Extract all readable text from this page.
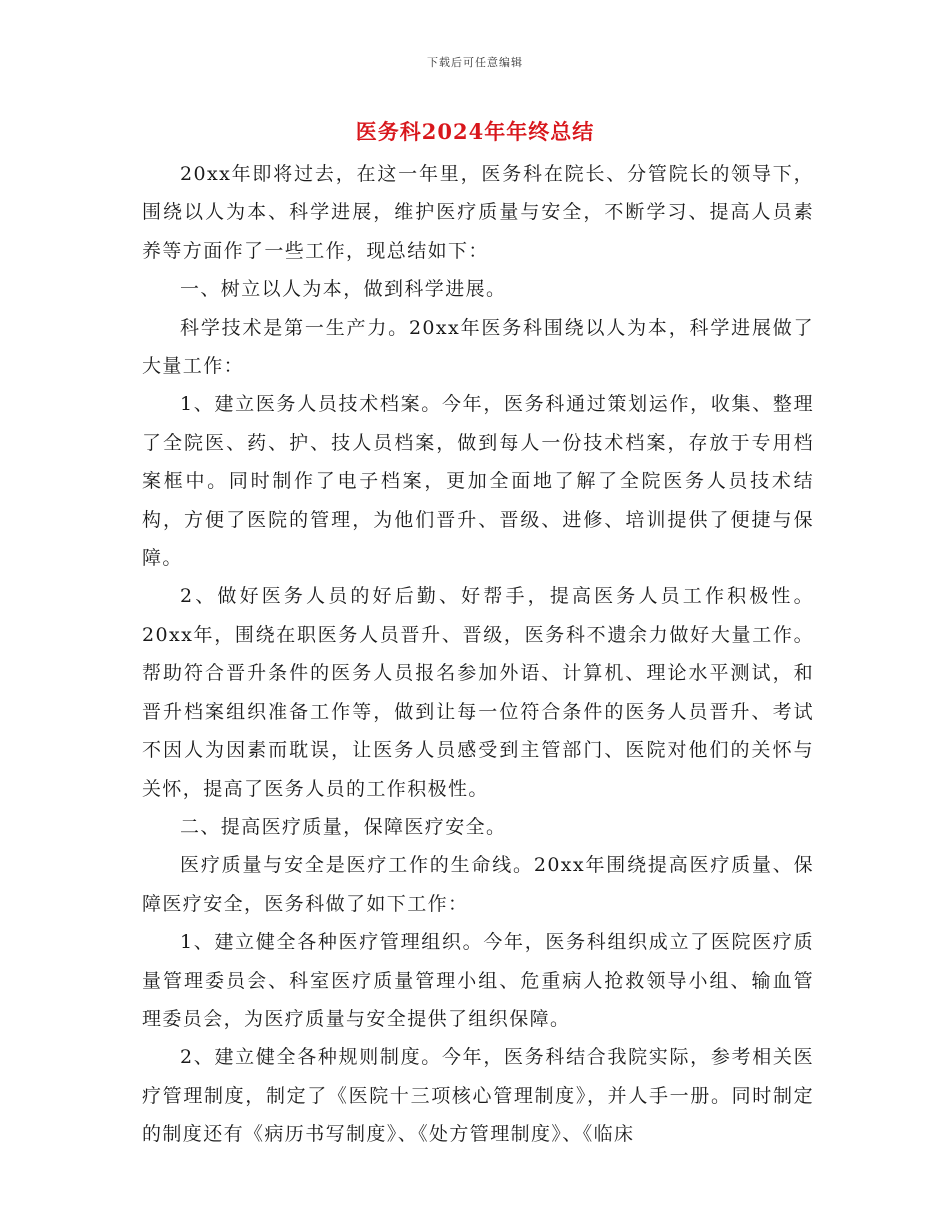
下载后可任意编辑
医务科2024年年终总结

20xx年即将过去，在这一年里，医务科在院长、分管院长的领导下，围绕以人为本、科学进展，维护医疗质量与安全，不断学习、提高人员素养等方面作了一些工作，现总结如下：

一、树立以人为本，做到科学进展。

科学技术是第一生产力。20xx年医务科围绕以人为本，科学进展做了大量工作：

1、建立医务人员技术档案。今年，医务科通过策划运作，收集、整理了全院医、药、护、技人员档案，做到每人一份技术档案，存放于专用档案框中。同时制作了电子档案，更加全面地了解了全院医务人员技术结构，方便了医院的管理，为他们晋升、晋级、进修、培训提供了便捷与保障。

2、做好医务人员的好后勤、好帮手，提高医务人员工作积极性。20xx年，围绕在职医务人员晋升、晋级，医务科不遗余力做好大量工作。帮助符合晋升条件的医务人员报名参加外语、计算机、理论水平测试，和晋升档案组织准备工作等，做到让每一位符合条件的医务人员晋升、考试不因人为因素而耽误，让医务人员感受到主管部门、医院对他们的关怀与关怀，提高了医务人员的工作积极性。

二、提高医疗质量，保障医疗安全。

医疗质量与安全是医疗工作的生命线。20xx年围绕提高医疗质量、保障医疗安全，医务科做了如下工作：

1、建立健全各种医疗管理组织。今年，医务科组织成立了医院医疗质量管理委员会、科室医疗质量管理小组、危重病人抢救领导小组、输血管理委员会，为医疗质量与安全提供了组织保障。

2、建立健全各种规则制度。今年，医务科结合我院实际，参考相关医疗管理制度，制定了《医院十三项核心管理制度》，并人手一册。同时制定的制度还有《病历书写制度》、《处方管理制度》、《临床
